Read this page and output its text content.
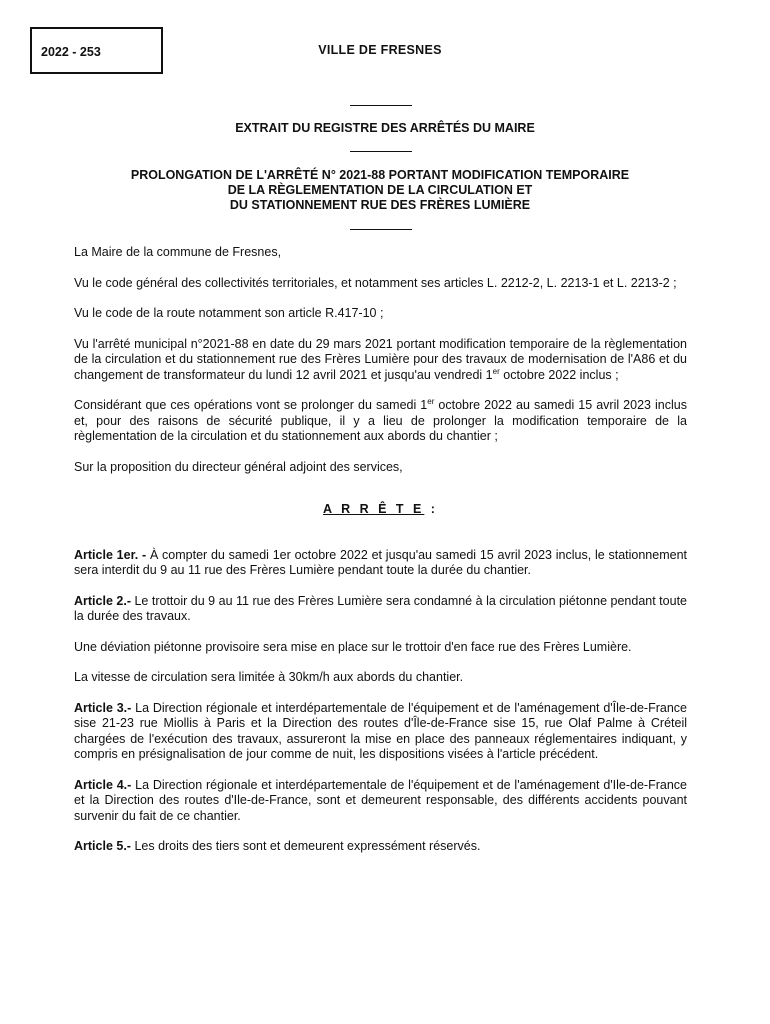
2022 - 253	VILLE DE FRESNES
EXTRAIT DU REGISTRE DES ARRÊTÉS DU MAIRE
PROLONGATION DE L'ARRÊTÉ N° 2021-88 PORTANT MODIFICATION TEMPORAIRE
DE LA RÈGLEMENTATION DE LA CIRCULATION ET
DU STATIONNEMENT RUE DES FRÈRES LUMIÈRE

La Maire de la commune de Fresnes,

Vu le code général des collectivités territoriales, et notamment ses articles L. 2212-2, L. 2213-1 et L. 2213-2 ;

Vu le code de la route notamment son article R.417-10 ;

Vu l'arrêté municipal n°2021-88 en date du 29 mars 2021 portant modification temporaire de la règlementation de la circulation et du stationnement rue des Frères Lumière pour des travaux de modernisation de l'A86 et du changement de transformateur du lundi 12 avril 2021 et jusqu'au vendredi 1er octobre 2022 inclus ;

Considérant que ces opérations vont se prolonger du samedi 1er octobre 2022 au samedi 15 avril 2023 inclus et, pour des raisons de sécurité publique, il y a lieu de prolonger la modification temporaire de la règlementation de la circulation et du stationnement aux abords du chantier ;

Sur la proposition du directeur général adjoint des services,

A R R Ê T E :

Article 1er. - À compter du samedi 1er octobre 2022 et jusqu'au samedi 15 avril 2023 inclus, le stationnement sera interdit du 9 au 11 rue des Frères Lumière pendant toute la durée du chantier.

Article 2.- Le trottoir du 9 au 11 rue des Frères Lumière sera condamné à la circulation piétonne pendant toute la durée des travaux.

Une déviation piétonne provisoire sera mise en place sur le trottoir d'en face rue des Frères Lumière.

La vitesse de circulation sera limitée à 30km/h aux abords du chantier.

Article 3.- La Direction régionale et interdépartementale de l'équipement et de l'aménagement d'Île-de-France sise 21-23 rue Miollis à Paris et la Direction des routes d'Île-de-France sise 15, rue Olaf Palme à Créteil chargées de l'exécution des travaux, assureront la mise en place des panneaux réglementaires indiquant, y compris en présignalisation de jour comme de nuit, les dispositions visées à l'article précédent.

Article 4.- La Direction régionale et interdépartementale de l'équipement et de l'aménagement d'Ile-de-France et la Direction des routes d'Ile-de-France, sont et demeurent responsable, des différents accidents pouvant survenir du fait de ce chantier.

Article 5.- Les droits des tiers sont et demeurent expressément réservés.
